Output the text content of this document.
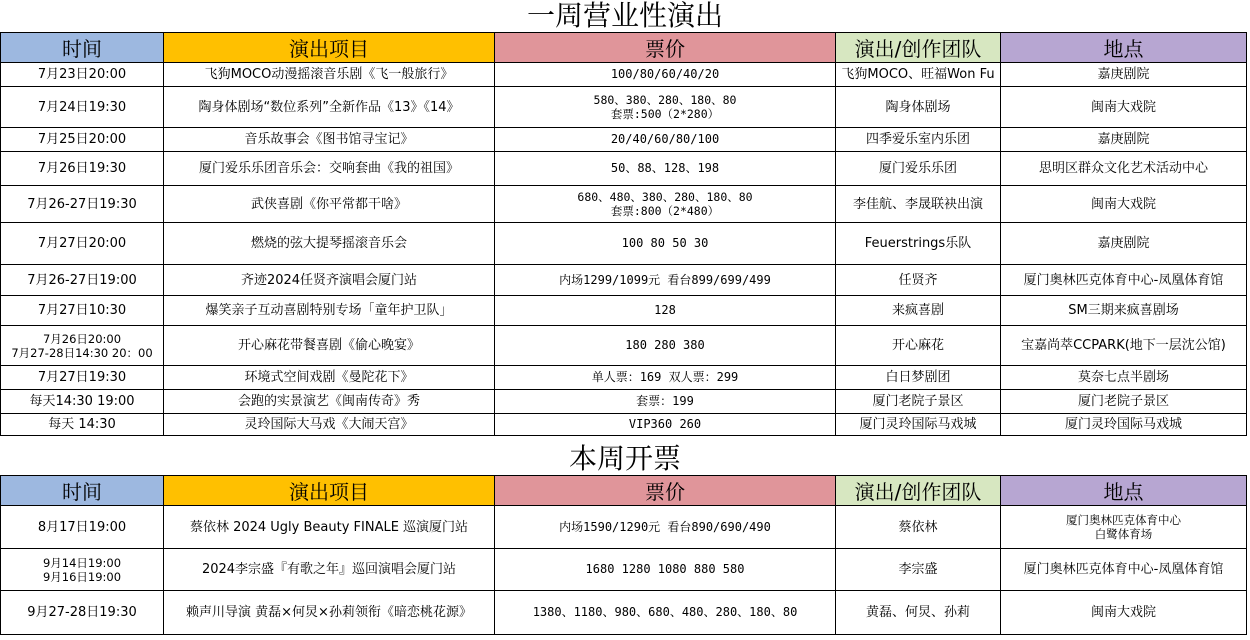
一周营业性演出
时间	演出项目	票价	演出/创作团队	地点

7月23日20:00	飞狗MOCO动漫摇滚音乐剧《飞一般旅行》	100/80/60/40/20	飞狗MOCO、旺福Won Fu	嘉庚剧院

7月24日19:30	陶身体剧场“数位系列”全新作品《13》《14》	580、380、280、180、80
套票:500（2*280）	陶身体剧场	闽南大戏院

7月25日20:00	音乐故事会《图书馆寻宝记》	20/40/60/80/100	四季爱乐室内乐团	嘉庚剧院

7月26日19:30	厦门爱乐乐团音乐会：交响套曲《我的祖国》	50、88、128、198	厦门爱乐乐团	思明区群众文化艺术活动中心

7月26-27日19:30	武侠喜剧《你平常都干啥》	680、480、380、280、180、80
套票:800（2*480）	李佳航、李晟联袂出演	闽南大戏院

7月27日20:00	燃烧的弦大提琴摇滚音乐会	100 80 50 30	Feuerstrings乐队	嘉庚剧院

7月26-27日19:00	齐迹2024任贤齐演唱会厦门站	内场1299/1099元 看台899/699/499	任贤齐	厦门奥林匹克体育中心-凤凰体育馆

7月27日10:30	爆笑亲子互动喜剧特别专场「童年护卫队」	128	来疯喜剧	SM三期来疯喜剧场

7月26日20:00
7月27-28日14:30 20：00	开心麻花带餐喜剧《偷心晚宴》	180 280 380	开心麻花	宝嘉尚萃CCPARK(地下一层沈公馆)

7月27日19:30	环境式空间戏剧《曼陀花下》	单人票：169 双人票：299	白日梦剧团	莫奈七点半剧场

每天14:30 19:00	会跑的实景演艺《闽南传奇》秀	套票：199	厦门老院子景区	厦门老院子景区

每天 14:30	灵玲国际大马戏《大闹天宫》	VIP360 260	厦门灵玲国际马戏城	厦门灵玲国际马戏城
本周开票
时间	演出项目	票价	演出/创作团队	地点

8月17日19:00	蔡依林 2024 Ugly Beauty FINALE 巡演厦门站	内场1590/1290元 看台890/690/490	蔡依林	厦门奥林匹克体育中心
白鹭体育场

9月14日19:00
9月16日19:00	2024李宗盛『有歌之年』巡回演唱会厦门站	1680 1280 1080 880 580	李宗盛	厦门奥林匹克体育中心-凤凰体育馆

9月27-28日19:30	赖声川导演 黄磊×何炅×孙莉领衔《暗恋桃花源》	1380、1180、980、680、480、280、180、80	黄磊、何炅、孙莉	闽南大戏院
